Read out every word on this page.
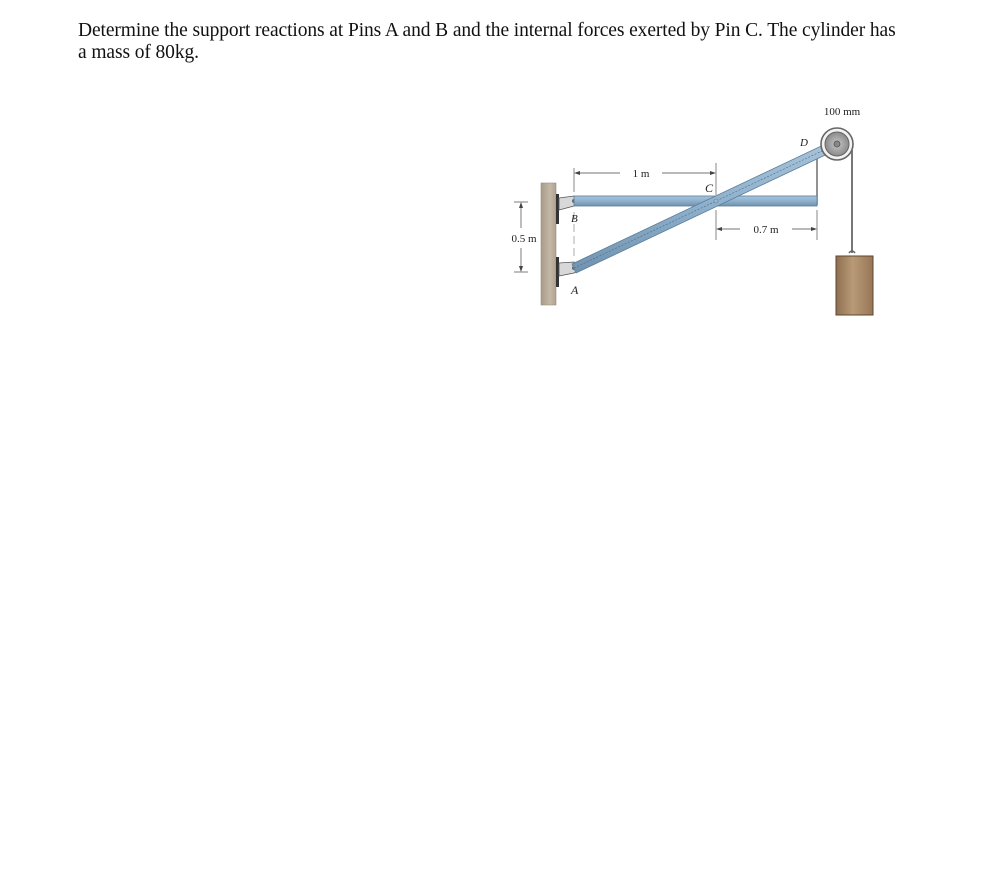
Determine the support reactions at Pins A and B and the internal forces exerted by Pin C. The cylinder has a mass of 80kg.
1 m
0.7 m
0.5 m
100 mm
B
A
C
D
